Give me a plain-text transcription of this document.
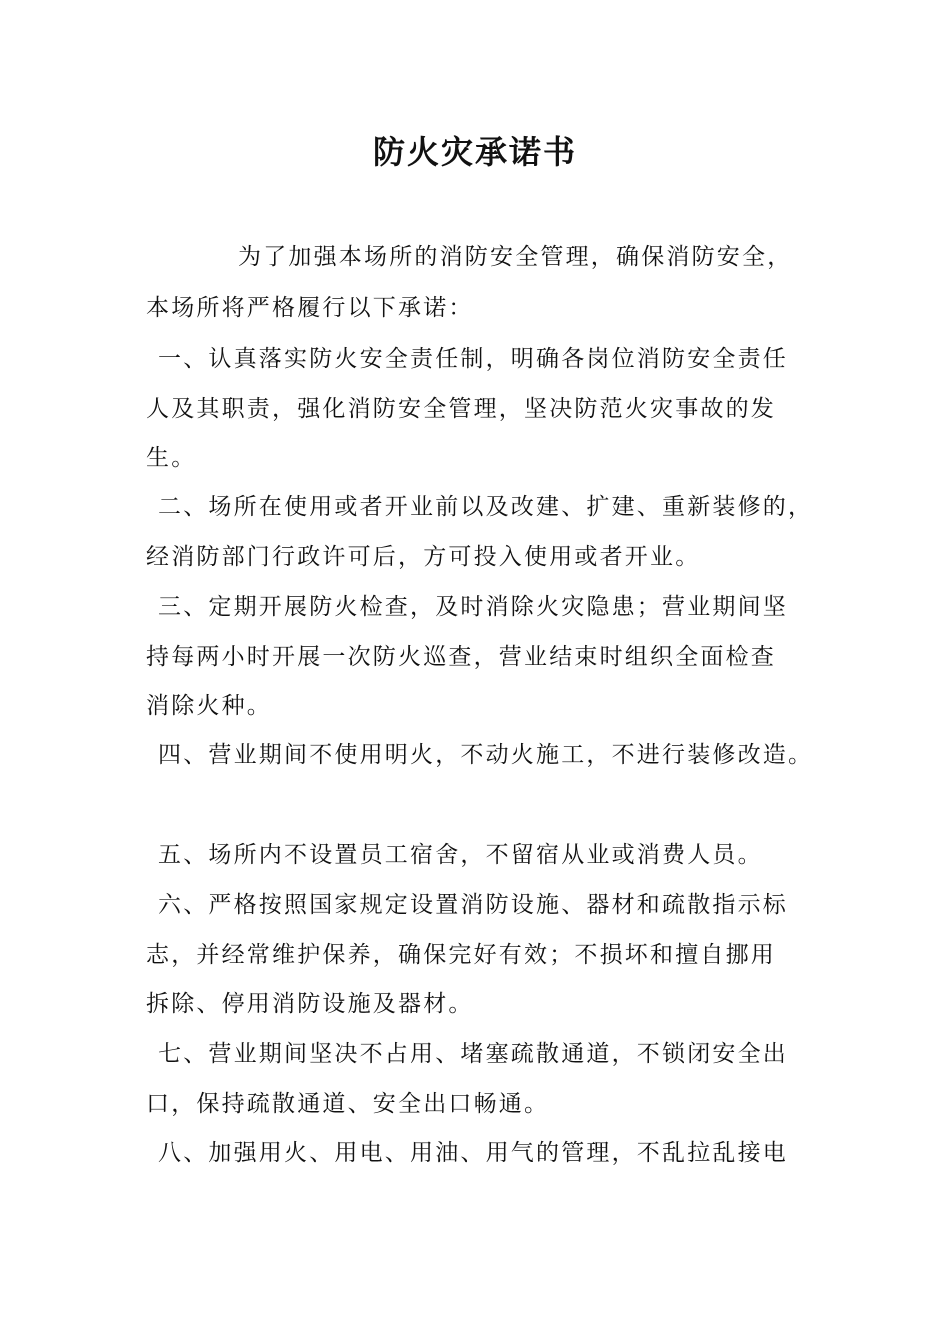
防火灾承诺书
为了加强本场所的消防安全管理，确保消防安全，
本场所将严格履行以下承诺：
一、认真落实防火安全责任制，明确各岗位消防安全责任
人及其职责，强化消防安全管理，坚决防范火灾事故的发
生。
二、场所在使用或者开业前以及改建、扩建、重新装修的，
经消防部门行政许可后，方可投入使用或者开业。
三、定期开展防火检查，及时消除火灾隐患；营业期间坚
持每两小时开展一次防火巡查，营业结束时组织全面检查
消除火种。
四、营业期间不使用明火，不动火施工，不进行装修改造。
五、场所内不设置员工宿舍，不留宿从业或消费人员。
六、严格按照国家规定设置消防设施、器材和疏散指示标
志，并经常维护保养，确保完好有效；不损坏和擅自挪用
拆除、停用消防设施及器材。
七、营业期间坚决不占用、堵塞疏散通道，不锁闭安全出
口，保持疏散通道、安全出口畅通。
八、加强用火、用电、用油、用气的管理，不乱拉乱接电
